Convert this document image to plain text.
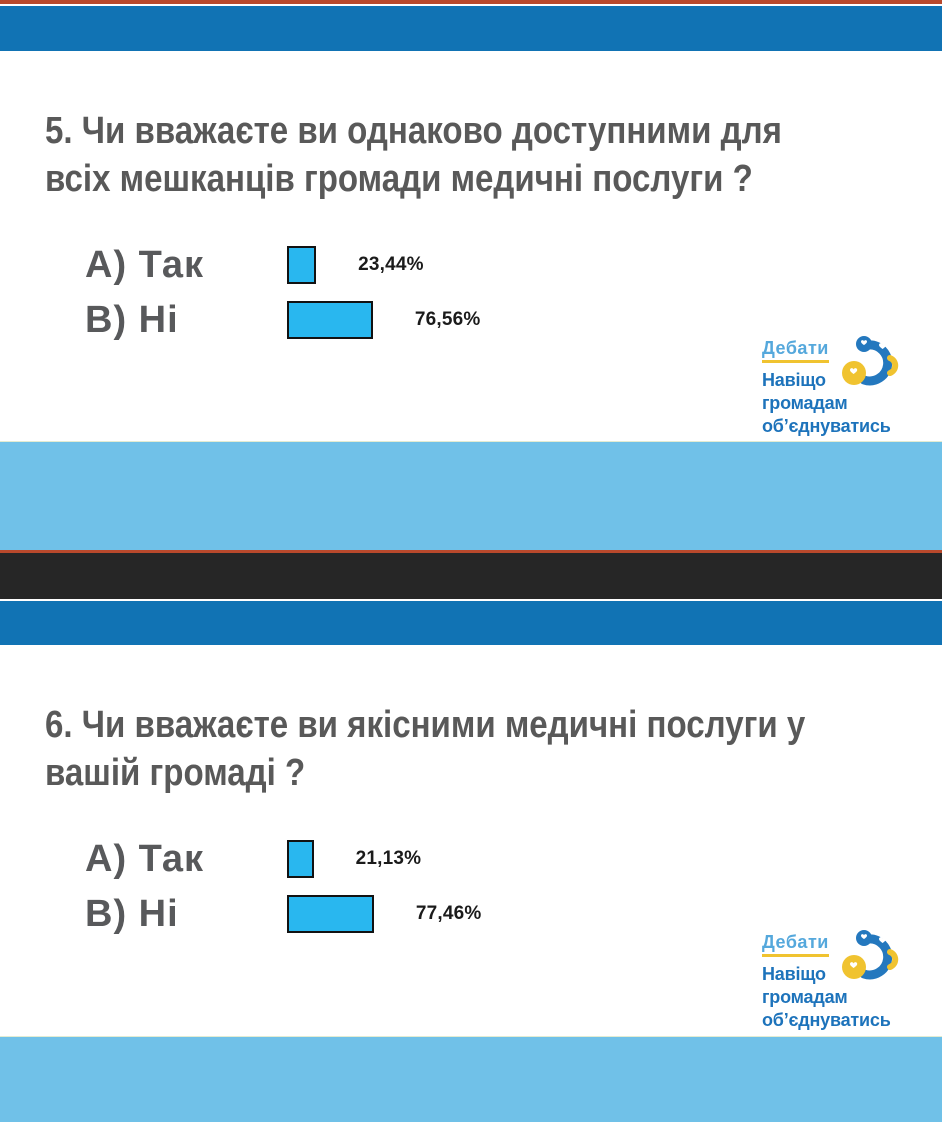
5. Чи вважаєте ви однаково доступними для
всіх мешканців громади медичні послуги ?
А) Так	23,44%
В) Ні	76,56%
Дебати
Навіщо
громадам
об’єднуватись
6. Чи вважаєте ви якісними медичні послуги у
вашій громаді ?
А) Так	21,13%
В) Ні	77,46%
Дебати
Навіщо
громадам
об’єднуватись
